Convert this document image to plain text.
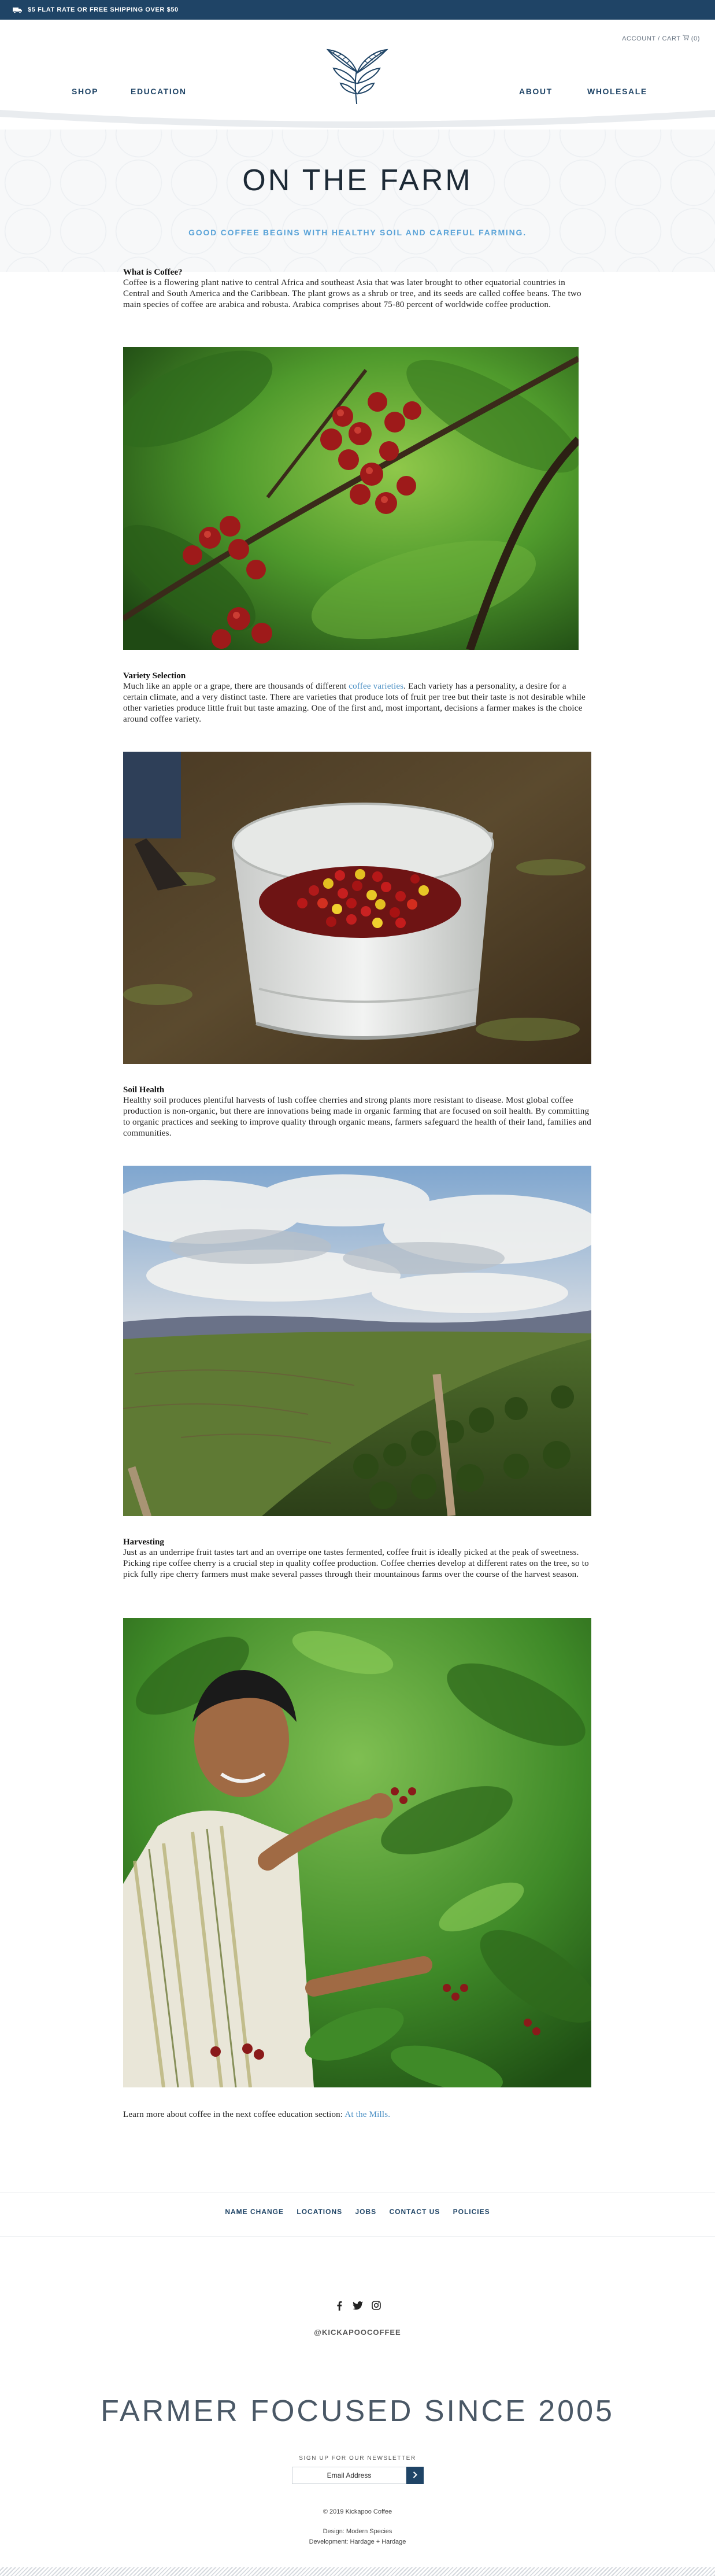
$5 FLAT RATE OR FREE SHIPPING OVER $50
ACCOUNT / CART (0)
SHOP	EDUCATION	ABOUT	WHOLESALE
ON THE FARM
GOOD COFFEE BEGINS WITH HEALTHY SOIL AND CAREFUL FARMING.
What is Coffee?

Coffee is a flowering plant native to central Africa and southeast Asia that was later brought to other equatorial countries in Central and South America and the Caribbean. The plant grows as a shrub or tree, and its seeds are called coffee beans. The two main species of coffee are arabica and robusta. Arabica comprises about 75-80 percent of worldwide coffee production.

Variety Selection

Much like an apple or a grape, there are thousands of different coffee varieties. Each variety has a personality, a desire for a certain climate, and a very distinct taste. There are varieties that produce lots of fruit per tree but their taste is not desirable while other varieties produce little fruit but taste amazing. One of the first and, most important, decisions a farmer makes is the choice around coffee variety.

Soil Health

Healthy soil produces plentiful harvests of lush coffee cherries and strong plants more resistant to disease. Most global coffee production is non-organic, but there are innovations being made in organic farming that are focused on soil health. By committing to organic practices and seeking to improve quality through organic means, farmers safeguard the health of their land, families and communities.

Harvesting

Just as an underripe fruit tastes tart and an overripe one tastes fermented, coffee fruit is ideally picked at the peak of sweetness. Picking ripe coffee cherry is a crucial step in quality coffee production. Coffee cherries develop at different rates on the tree, so to pick fully ripe cherry farmers must make several passes through their mountainous farms over the course of the harvest season.

Learn more about coffee in the next coffee education section: At the Mills.

NAME CHANGE LOCATIONS JOBS CONTACT US POLICIES
@KICKAPOOCOFFEE
FARMER FOCUSED SINCE 2005
SIGN UP FOR OUR NEWSLETTER
Email Address
© 2019 Kickapoo Coffee
Design: Modern Species
Development: Hardage + Hardage
